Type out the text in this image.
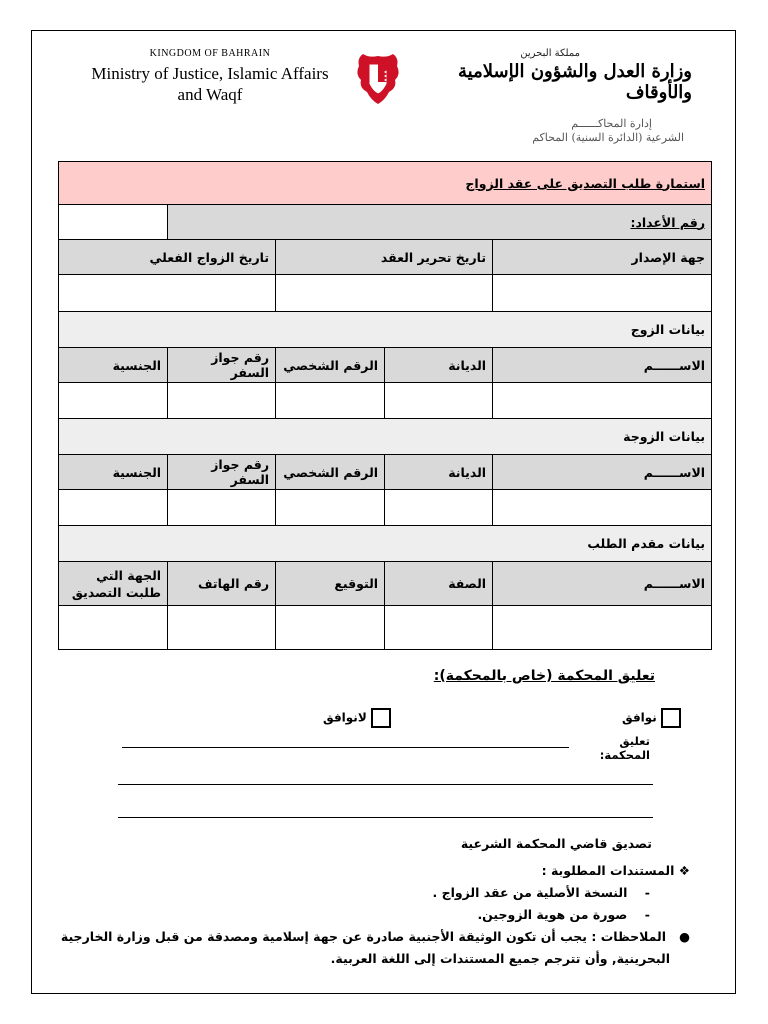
KINGDOM OF BAHRAIN
Ministry of Justice, Islamic Affairs
and Waqf
مملكة البحرين
وزارة العدل والشؤون الإسلامية والأوقاف
إدارة المحاكــــــم
الشرعية (الدائرة السنية) المحاكم
استمارة طلب التصديق على عقد الزواج				
رقم الأعداد:				
جهة الإصدار	تاريخ تحرير العقد		تاريخ الزواج الفعلي	

بيانات الزوج				
الاســــــم	الديانة	الرقم الشخصي	رقم جواز السفر	الجنسية

بيانات الزوجة				
الاســــــم	الديانة	الرقم الشخصي	رقم جواز السفر	الجنسية

بيانات مقدم الطلب				
الاســــــم	الصفة	التوقيع	رقم الهاتف	الجهة التي
طلبت التصديق

تعليق المحكمة (خاص بالمحكمة):
نوافق
لانوافق
تعليق المحكمة:
تصديق قاضي المحكمة الشرعية
❖ المستندات المطلوبة :
-    النسخة الأصلية من عقد الزواج .
-    صورة من هوية الزوجين.
●   الملاحظات : يجب أن تكون الوثيقة الأجنبية صادرة عن جهة إسلامية ومصدقة من قبل وزارة الخارجية
البحرينية, وأن تترجم جميع المستندات إلى اللغة العربية.
